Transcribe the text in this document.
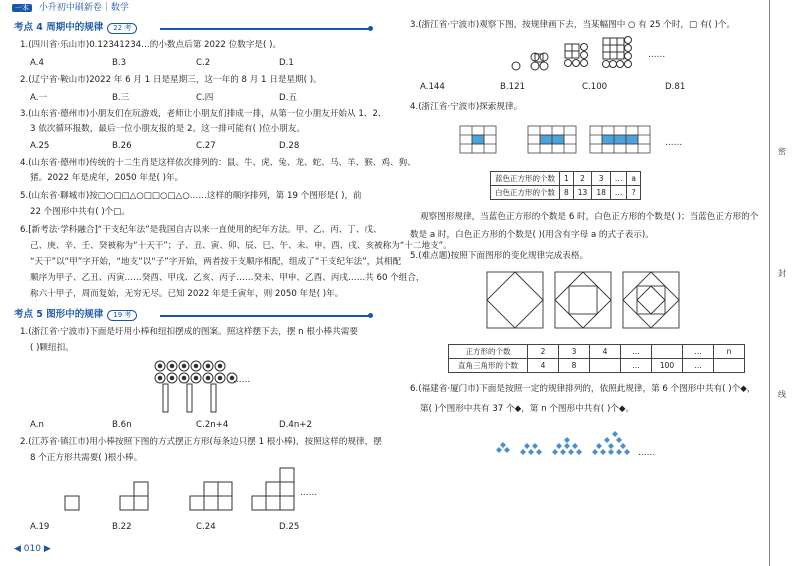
一本 小升初中刷新卷｜数学
考点 4 周期中的规律 22 考
1.(四川省·乐山市)0.12341234…的小数点后第 2022 位数字是( )。
A.4	B.3	C.2	D.1
2.(辽宁省·鞍山市)2022 年 6 月 1 日是星期三，这一年的 8 月 1 日是星期( )。
A.一	B.三	C.四	D.五
3.(山东省·德州市)小朋友们在玩游戏，老师让小朋友们排成一排，从第一位小朋友开始从 1、2、
3 依次循环报数，最后一位小朋友报的是 2。这一排可能有( )位小朋友。
A.25	B.26	C.27	D.28
4.(山东省·德州市)传统的十二生肖是这样依次排列的：鼠、牛、虎、兔、龙、蛇、马、羊、猴、鸡、狗、
猪。2022 年是虎年，2050 年是( )年。
5.(山东省·聊城市)按□○□□△○□□○□△○……这样的顺序排列，第 19 个图形是( )，前
22 个图形中共有( )个□。
6.[新考法·学科融合]“干支纪年法”是我国自古以来一直使用的纪年方法。甲、乙、丙、丁、戊、
己、庚、辛、壬、癸被称为“十天干”；子、丑、寅、卯、辰、巳、午、未、申、酉、戌、亥被称为“十二地支”。
“天干”以“甲”字开始，“地支”以“子”字开始，两者按干支顺序相配，组成了“干支纪年法”，其相配
顺序为甲子、乙丑、丙寅……癸酉、甲戌、乙亥、丙子……癸未、甲申、乙酉、丙戌……共 60 个组合，
称六十甲子，周而复始，无穷无尽。已知 2022 年是壬寅年，则 2050 年是( )年。
考点 5 图形中的规律 19 考
1.(浙江省·宁波市)下面是圩用小棒和纽扣摆成的图案。照这样摆下去，摆 n 根小棒共需要
( )颗纽扣。
……
A.n	B.6n	C.2n+4	D.4n+2
2.(江苏省·镇江市)用小棒按照下图的方式摆正方形(每条边只摆 1 根小棒)，按照这样的规律，摆
8 个正方形共需要( )根小棒。
……
A.19	B.22	C.24	D.25
◀ 010 ▶
3.(浙江省·宁波市)观察下图，按规律画下去，当某幅图中 ○ 有 25 个时，□ 有( )个。
……
A.144	B.121	C.100	D.81
4.(浙江省·宁波市)探索规律。
……
蓝色正方形的个数	1	2	3	…	a
白色正方形的个数	8	13	18	…	?
观察图形规律，当蓝色正方形的个数是 6 时，白色正方形的个数是( )；当蓝色正方形的个
数是 a 时，白色正方形的个数是( )(用含有字母 a 的式子表示)。
5.(难点题)按照下面图形的变化规律完成表格。
正方形的个数	2	3	4	…		…	n
直角三角形的个数	4	8		…	100	…	
6.(福建省·厦门市)下面是按照一定的规律排列的，依照此规律，第 6 个图形中共有( )个◆，
第( )个图形中共有 37 个◆，第 n 个图形中共有( )个◆。
……
密
封
线
